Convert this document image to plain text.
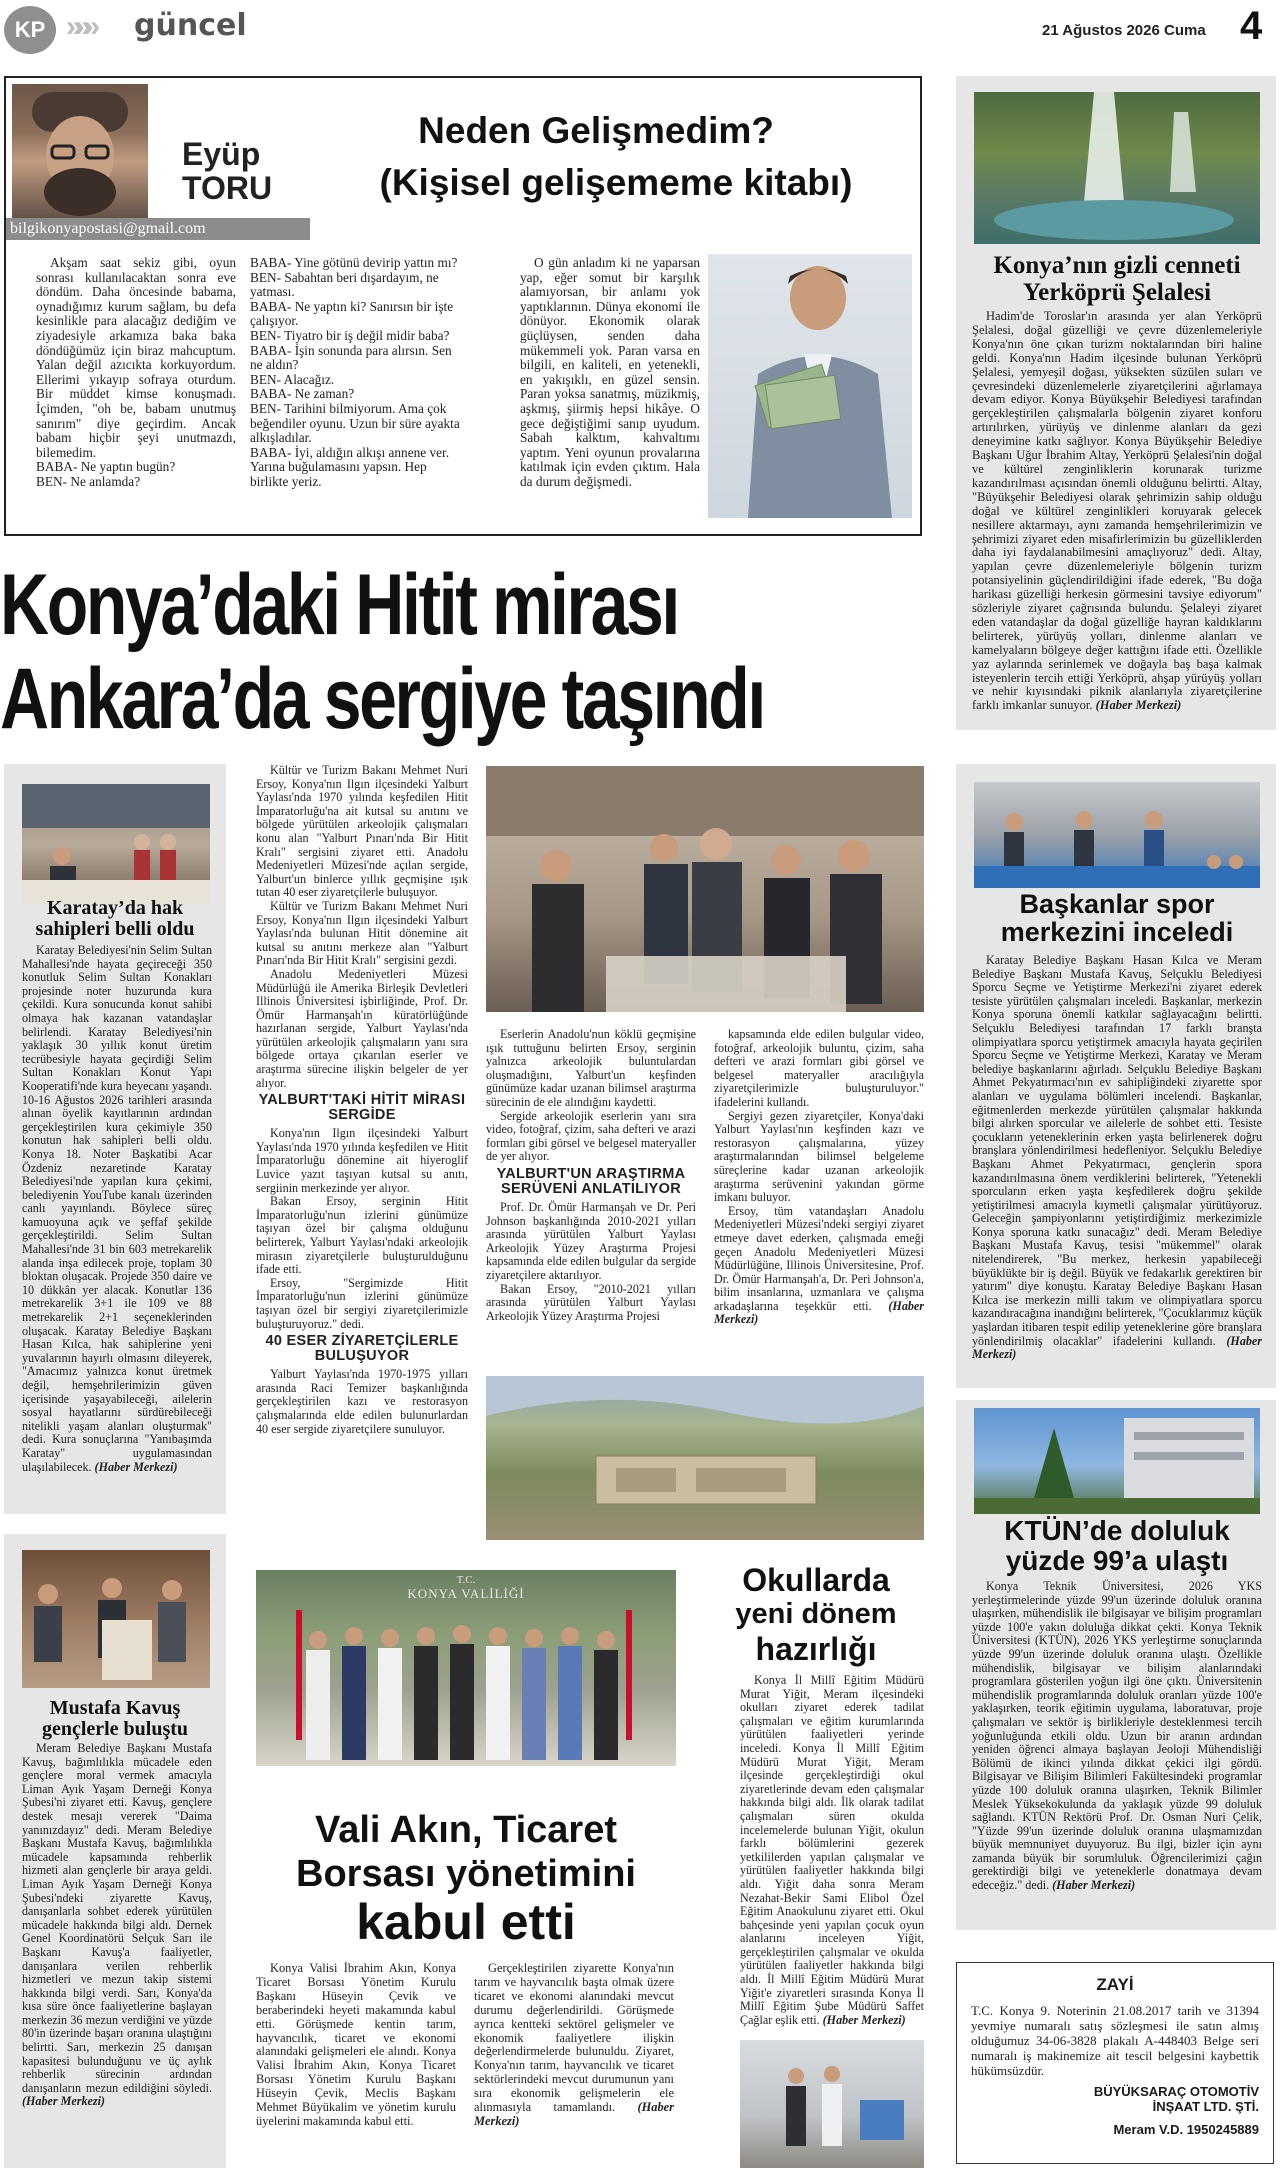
KP »»» güncel	21 Ağustos 2026 Cuma 4
Eyüp
TORU
bilgikonyapostasi@gmail.com
Neden Gelişmedim?
(Kişisel gelişememe kitabı)

Akşam saat sekiz gibi, oyun sonrası kullanılacaktan sonra eve döndüm. Daha öncesinde babama, oynadığımız kurum sağlam, bu defa kesinlikle para alacağız dediğim ve ziyadesiyle arkamıza baka baka döndüğümüz için biraz mahcuptum. Yalan değil azıcıkta korkuyordum. Ellerimi yıkayıp sofraya oturdum. Bir müddet kimse konuşmadı. İçimden, "oh be, babam unutmuş sanırım" diye geçirdim. Ancak babam hiçbir şeyi unutmazdı, bilemedim.

BABA- Ne yaptın bugün?
BEN- Ne anlamda?
BABA- Yine götünü devirip yattın mı?
BEN- Sabahtan beri dışardayım, ne yatması.
BABA- Ne yaptın ki? Sanırsın bir işte çalışıyor.
BEN- Tiyatro bir iş değil midir baba?
BABA- İşin sonunda para alırsın. Sen ne aldın?
BEN- Alacağız.
BABA- Ne zaman?
BEN- Tarihini bilmiyorum. Ama çok beğendiler oyunu. Uzun bir süre ayakta alkışladılar.
BABA- İyi, aldığın alkışı annene ver. Yarına buğulamasını yapsın. Hep birlikte yeriz.

O gün anladım ki ne yaparsan yap, eğer somut bir karşılık alamıyorsan, bir anlamı yok yaptıklarının. Dünya ekonomi ile dönüyor. Ekonomik olarak güçlüysen, senden daha mükemmeli yok. Paran varsa en bilgili, en kaliteli, en yetenekli, en yakışıklı, en güzel sensin. Paran yoksa sanatmış, müzikmiş, aşkmış, şiirmiş hepsi hikâye. O gece değiştiğimi sanıp uyudum. Sabah kalktım, kahvaltımı yaptım. Yeni oyunun provalarına katılmak için evden çıktım. Hala da durum değişmedi.

Konya’nın gizli cenneti Yerköprü Şelalesi

Hadim'de Toroslar'ın arasında yer alan Yerköprü Şelalesi, doğal güzelliği ve çevre düzenlemeleriyle Konya'nın öne çıkan turizm noktalarından biri haline geldi. Konya'nın Hadim ilçesinde bulunan Yerköprü Şelalesi, yemyeşil doğası, yüksekten süzülen suları ve çevresindeki düzenlemelerle ziyaretçilerini ağırlamaya devam ediyor. Konya Büyükşehir Belediyesi tarafından gerçekleştirilen çalışmalarla bölgenin ziyaret konforu artırılırken, yürüyüş ve dinlenme alanları da gezi deneyimine katkı sağlıyor. Konya Büyükşehir Belediye Başkanı Uğur İbrahim Altay, Yerköprü Şelalesi'nin doğal ve kültürel zenginliklerin korunarak turizme kazandırılması açısından önemli olduğunu belirtti. Altay, "Büyükşehir Belediyesi olarak şehrimizin sahip olduğu doğal ve kültürel zenginlikleri koruyarak gelecek nesillere aktarmayı, aynı zamanda hemşehrilerimizin ve şehrimizi ziyaret eden misafirlerimizin bu güzelliklerden daha iyi faydalanabilmesini amaçlıyoruz" dedi. Altay, yapılan çevre düzenlemeleriyle bölgenin turizm potansiyelinin güçlendirildiğini ifade ederek, "Bu doğa harikası güzelliği herkesin görmesini tavsiye ediyorum" sözleriyle ziyaret çağrısında bulundu. Şelaleyi ziyaret eden vatandaşlar da doğal güzelliğe hayran kaldıklarını belirterek, yürüyüş yolları, dinlenme alanları ve kamelyaların bölgeye değer kattığını ifade etti. Özellikle yaz aylarında serinlemek ve doğayla baş başa kalmak isteyenlerin tercih ettiği Yerköprü, ahşap yürüyüş yolları ve nehir kıyısındaki piknik alanlarıyla ziyaretçilerine farklı imkanlar sunuyor. (Haber Merkezi)

Konya’daki Hitit mirası
Ankara’da sergiye taşındı
Karatay’da hak sahipleri belli oldu

Karatay Belediyesi'nin Selim Sultan Mahallesi'nde hayata geçireceği 350 konutluk Selim Sultan Konakları projesinde noter huzurunda kura çekildi. Kura sonucunda konut sahibi olmaya hak kazanan vatandaşlar belirlendi. Karatay Belediyesi'nin yaklaşık 30 yıllık konut üretim tecrübesiyle hayata geçirdiği Selim Sultan Konakları Konut Yapı Kooperatifi'nde kura heyecanı yaşandı. 10-16 Ağustos 2026 tarihleri arasında alınan öyelik kayıtlarının ardından gerçekleştirilen kura çekimiyle 350 konutun hak sahipleri belli oldu. Konya 18. Noter Başkatibi Acar Özdeniz nezaretinde Karatay Belediyesi'nde yapılan kura çekimi, belediyenin YouTube kanalı üzerinden canlı yayınlandı. Böylece süreç kamuoyuna açık ve şeffaf şekilde gerçekleştirildi. Selim Sultan Mahallesi'nde 31 bin 603 metrekarelik alanda inşa edilecek proje, toplam 30 bloktan oluşacak. Projede 350 daire ve 10 dükkân yer alacak. Konutlar 136 metrekarelik 3+1 ile 109 ve 88 metrekarelik 2+1 seçeneklerinden oluşacak. Karatay Belediye Başkanı Hasan Kılca, hak sahiplerine yeni yuvalarının hayırlı olmasını dileyerek, "Amacımız yalnızca konut üretmek değil, hemşehrilerimizin güven içerisinde yaşayabileceği, ailelerin sosyal hayatlarını sürdürebileceği nitelikli yaşam alanları oluşturmak" dedi. Kura sonuçlarına "Yanıbaşımda Karatay" uygulamasından ulaşılabilecek. (Haber Merkezi)

Mustafa Kavuş gençlerle buluştu

Meram Belediye Başkanı Mustafa Kavuş, bağımlılıkla mücadele eden gençlere moral vermek amacıyla Liman Ayık Yaşam Derneği Konya Şubesi'ni ziyaret etti. Kavuş, gençlere destek mesajı vererek "Daima yanınızdayız" dedi. Meram Belediye Başkanı Mustafa Kavuş, bağımlılıkla mücadele kapsamında rehberlik hizmeti alan gençlerle bir araya geldi. Liman Ayık Yaşam Derneği Konya Şubesi'ndeki ziyarette Kavuş, danışanlarla sohbet ederek yürütülen mücadele hakkında bilgi aldı. Dernek Genel Koordinatörü Selçuk Sarı ile Başkanı Kavuş'a faaliyetler, danışanlara verilen rehberlik hizmetleri ve mezun takip sistemi hakkında bilgi verdi. Sarı, Konya'da kısa süre önce faaliyetlerine başlayan merkezin 36 mezun verdiğini ve yüzde 80'in üzerinde başarı oranına ulaştığını belirtti. Sarı, merkezin 25 danışan kapasitesi bulunduğunu ve üç aylık rehberlik sürecinin ardından danışanların mezun edildiğini söyledi. (Haber Merkezi)

Kültür ve Turizm Bakanı Mehmet Nuri Ersoy, Konya'nın Ilgın ilçesindeki Yalburt Yaylası'nda 1970 yılında keşfedilen Hitit İmparatorluğu'na ait kutsal su anıtını ve bölgede yürütülen arkeolojik çalışmaları konu alan "Yalburt Pınarı'nda Bir Hitit Kralı" sergisini ziyaret etti. Anadolu Medeniyetleri Müzesi'nde açılan sergide, Yalburt'un binlerce yıllık geçmişine ışık tutan 40 eser ziyaretçilerle buluşuyor.

Kültür ve Turizm Bakanı Mehmet Nuri Ersoy, Konya'nın Ilgın ilçesindeki Yalburt Yaylası'nda bulunan Hitit dönemine ait kutsal su anıtını merkeze alan "Yalburt Pınarı'nda Bir Hitit Kralı" sergisini gezdi.

Anadolu Medeniyetleri Müzesi Müdürlüğü ile Amerika Birleşik Devletleri Illinois Üniversitesi işbirliğinde, Prof. Dr. Ömür Harmanşah'ın küratörlüğünde hazırlanan sergide, Yalburt Yaylası'nda yürütülen arkeolojik çalışmaların yanı sıra bölgede ortaya çıkarılan eserler ve araştırma sürecine ilişkin belgeler de yer alıyor.

YALBURT'TAKİ HİTİT MİRASI SERGİDE

Konya'nın Ilgın ilçesindeki Yalburt Yaylası'nda 1970 yılında keşfedilen ve Hitit İmparatorluğu dönemine ait hiyeroglif Luvice yazıt taşıyan kutsal su anıtı, sergiinin merkezinde yer alıyor.

Bakan Ersoy, serginin Hitit İmparatorluğu'nun izlerini günümüze taşıyan özel bir çalışma olduğunu belirterek, Yalburt Yaylası'ndaki arkeolojik mirasın ziyaretçilerle buluşturulduğunu ifade etti.

Ersoy, "Sergimizde Hitit İmparatorluğu'nun izlerini günümüze taşıyan özel bir sergiyi ziyaretçilerimizle buluşturuyoruz." dedi.

40 ESER ZİYARETÇİLERLE BULUŞUYOR

Yalburt Yaylası'nda 1970-1975 yılları arasında Raci Temizer başkanlığında gerçekleştirilen kazı ve restorasyon çalışmalarında elde edilen bulunurlardan 40 eser sergide ziyaretçilere sunuluyor.

Eserlerin Anadolu'nun köklü geçmişine ışık tuttuğunu belirten Ersoy, serginin yalnızca arkeolojik buluntulardan oluşmadığını, Yalburt'un keşfinden günümüze kadar uzanan bilimsel araştırma sürecinin de ele alındığını kaydetti.

Sergide arkeolojik eserlerin yanı sıra video, fotoğraf, çizim, saha defteri ve arazi formları gibi görsel ve belgesel materyaller de yer alıyor.

YALBURT'UN ARAŞTIRMA SERÜVENİ ANLATILIYOR

Prof. Dr. Ömür Harmanşah ve Dr. Peri Johnson başkanlığında 2010-2021 yılları arasında yürütülen Yalburt Yaylası Arkeolojik Yüzey Araştırma Projesi kapsamında elde edilen bulgular da sergide ziyaretçilere aktarılıyor.

Bakan Ersoy, "2010-2021 yılları arasında yürütülen Yalburt Yaylası Arkeolojik Yüzey Araştırma Projesi

kapsamında elde edilen bulgular video, fotoğraf, arkeolojik buluntu, çizim, saha defteri ve arazi formları gibi görsel ve belgesel materyaller aracılığıyla ziyaretçilerimizle buluşturuluyor." ifadelerini kullandı.

Sergiyi gezen ziyaretçiler, Konya'daki Yalburt Yaylası'nın keşfinden kazı ve restorasyon çalışmalarına, yüzey araştırmalarından bilimsel belgeleme süreçlerine kadar uzanan arkeolojik araştırma serüvenini yakından görme imkanı buluyor.

Ersoy, tüm vatandaşları Anadolu Medeniyetleri Müzesi'ndeki sergiyi ziyaret etmeye davet ederken, çalışmada emeği geçen Anadolu Medeniyetleri Müzesi Müdürlüğüne, Illinois Üniversitesine, Prof. Dr. Ömür Harmanşah'a, Dr. Peri Johnson'a, bilim insanlarına, uzmanlara ve çalışma arkadaşlarına teşekkür etti. (Haber Merkezi)

Başkanlar spor merkezini inceledi

Karatay Belediye Başkanı Hasan Kılca ve Meram Belediye Başkanı Mustafa Kavuş, Selçuklu Belediyesi Sporcu Seçme ve Yetiştirme Merkezi'ni ziyaret ederek tesiste yürütülen çalışmaları inceledi. Başkanlar, merkezin Konya sporuna önemli katkılar sağlayacağını belirtti. Selçuklu Belediyesi tarafından 17 farklı branşta olimpiyatlara sporcu yetiştirmek amacıyla hayata geçirilen Sporcu Seçme ve Yetiştirme Merkezi, Karatay ve Meram belediye başkanlarını ağırladı. Selçuklu Belediye Başkanı Ahmet Pekyatırmacı'nın ev sahipliğindeki ziyarette spor alanları ve uygulama bölümleri incelendi. Başkanlar, eğitmenlerden merkezde yürütülen çalışmalar hakkında bilgi alırken sporcular ve ailelerle de sohbet etti. Tesiste çocukların yeteneklerinin erken yaşta belirlenerek doğru branşlara yönlendirilmesi hedefleniyor. Selçuklu Belediye Başkanı Ahmet Pekyatırmacı, gençlerin spora kazandırılmasına önem verdiklerini belirterek, "Yetenekli sporcuların erken yaşta keşfedilerek doğru şekilde yetiştirilmesi amacıyla kıymetli çalışmalar yürütüyoruz. Geleceğin şampiyonlarını yetiştirdiğimiz merkezimizle Konya sporuna katkı sunacağız" dedi. Meram Belediye Başkanı Mustafa Kavuş, tesisi "mükemmel" olarak nitelendirerek, "Bu merkez, herkesin yapabileceği büyüklükte bir iş değil. Büyük ve fedakarlık gerektiren bir yatırım" diye konuştu. Karatay Belediye Başkanı Hasan Kılca ise merkezin milli takım ve olimpiyatlara sporcu kazandıracağına inandığını belirterek, "Çocuklarımız küçük yaşlardan itibaren tespit edilip yeteneklerine göre branşlara yönlendirilmiş olacaklar" ifadelerini kullandı. (Haber Merkezi)

KTÜN’de doluluk yüzde 99’a ulaştı

Konya Teknik Üniversitesi, 2026 YKS yerleştirmelerinde yüzde 99'un üzerinde doluluk oranına ulaşırken, mühendislik ile bilgisayar ve bilişim programları yüzde 100'e yakın doluluğa dikkat çekti. Konya Teknik Üniversitesi (KTÜN), 2026 YKS yerleştirme sonuçlarında yüzde 99'un üzerinde doluluk oranına ulaştı. Özellikle mühendislik, bilgisayar ve bilişim alanlarındaki programlara gösterilen yoğun ilgi öne çıktı. Üniversitenin mühendislik programlarında doluluk oranları yüzde 100'e yaklaşırken, teorik eğitimin uygulama, laboratuvar, proje çalışmaları ve sektör iş birlikleriyle desteklenmesi tercih yoğunluğunda etkili oldu. Uzun bir aranın ardından yeniden öğrenci almaya başlayan Jeoloji Mühendisliği Bölümü de ikinci yılında dikkat çekici ilgi gördü. Bilgisayar ve Bilişim Bilimleri Fakültesindeki programlar yüzde 100 doluluk oranına ulaşırken, Teknik Bilimler Meslek Yüksekokulunda da yaklaşık yüzde 99 doluluk sağlandı. KTÜN Rektörü Prof. Dr. Osman Nuri Çelik, "Yüzde 99'un üzerinde doluluk oranına ulaşmamızdan büyük memnuniyet duyuyoruz. Bu ilgi, bizler için aynı zamanda büyük bir sorumluluk. Öğrencilerimizi çağın gerektirdiği bilgi ve yeteneklerle donatmaya devam edeceğiz." dedi. (Haber Merkezi)

T.C.
KONYA VALİLİĞİ
Vali Akın, Ticaret
Borsası yönetimini
kabul etti

Konya Valisi İbrahim Akın, Konya Ticaret Borsası Yönetim Kurulu Başkanı Hüseyin Çevik ve beraberindeki heyeti makamında kabul etti. Görüşmede kentin tarım, hayvancılık, ticaret ve ekonomi alanındaki gelişmeleri ele alındı. Konya Valisi İbrahim Akın, Konya Ticaret Borsası Yönetim Kurulu Başkanı Hüseyin Çevik, Meclis Başkanı Mehmet Büyükalim ve yönetim kurulu üyelerini makamında kabul etti.

Gerçekleştirilen ziyarette Konya'nın tarım ve hayvancılık başta olmak üzere ticaret ve ekonomi alanındaki mevcut durumu değerlendirildi. Görüşmede ayrıca kentteki sektörel gelişmeler ve ekonomik faaliyetlere ilişkin değerlendirmelerde bulunuldu. Ziyaret, Konya'nın tarım, hayvancılık ve ticaret sektörlerindeki mevcut durumunun yanı sıra ekonomik gelişmelerin ele alınmasıyla tamamlandı. (Haber Merkezi)

Okullarda
yeni dönem
hazırlığı

Konya İl Millî Eğitim Müdürü Murat Yiğit, Meram ilçesindeki okulları ziyaret ederek tadilat çalışmaları ve eğitim kurumlarında yürütülen faaliyetleri yerinde inceledi. Konya İl Millî Eğitim Müdürü Murat Yiğit, Meram ilçesinde gerçekleştirdiği okul ziyaretlerinde devam eden çalışmalar hakkında bilgi aldı. İlk olarak tadilat çalışmaları süren okulda incelemelerde bulunan Yiğit, okulun farklı bölümlerini gezerek yetkililerden yapılan çalışmalar ve yürütülen faaliyetler hakkında bilgi aldı. Yiğit daha sonra Meram Nezahat-Bekir Sami Elibol Özel Eğitim Anaokulunu ziyaret etti. Okul bahçesinde yeni yapılan çocuk oyun alanlarını inceleyen Yiğit, gerçekleştirilen çalışmalar ve okulda yürütülen faaliyetler hakkında bilgi aldı. İl Millî Eğitim Müdürü Murat Yiğit'e ziyaretleri sırasında Konya İl Millî Eğitim Şube Müdürü Saffet Çağlar eşlik etti. (Haber Merkezi)

ZAYİ
T.C. Konya 9. Noterinin 21.08.2017 tarih ve 31394 yevmiye numaralı satış sözleşmesi ile satın almış olduğumuz 34-06-3828 plakalı A-448403 Belge seri numaralı iş makinemize ait tescil belgesini kaybettik hükümsüzdür.
BÜYÜKSARAÇ OTOMOTİV
İNŞAAT LTD. ŞTİ.
Meram V.D. 1950245889
